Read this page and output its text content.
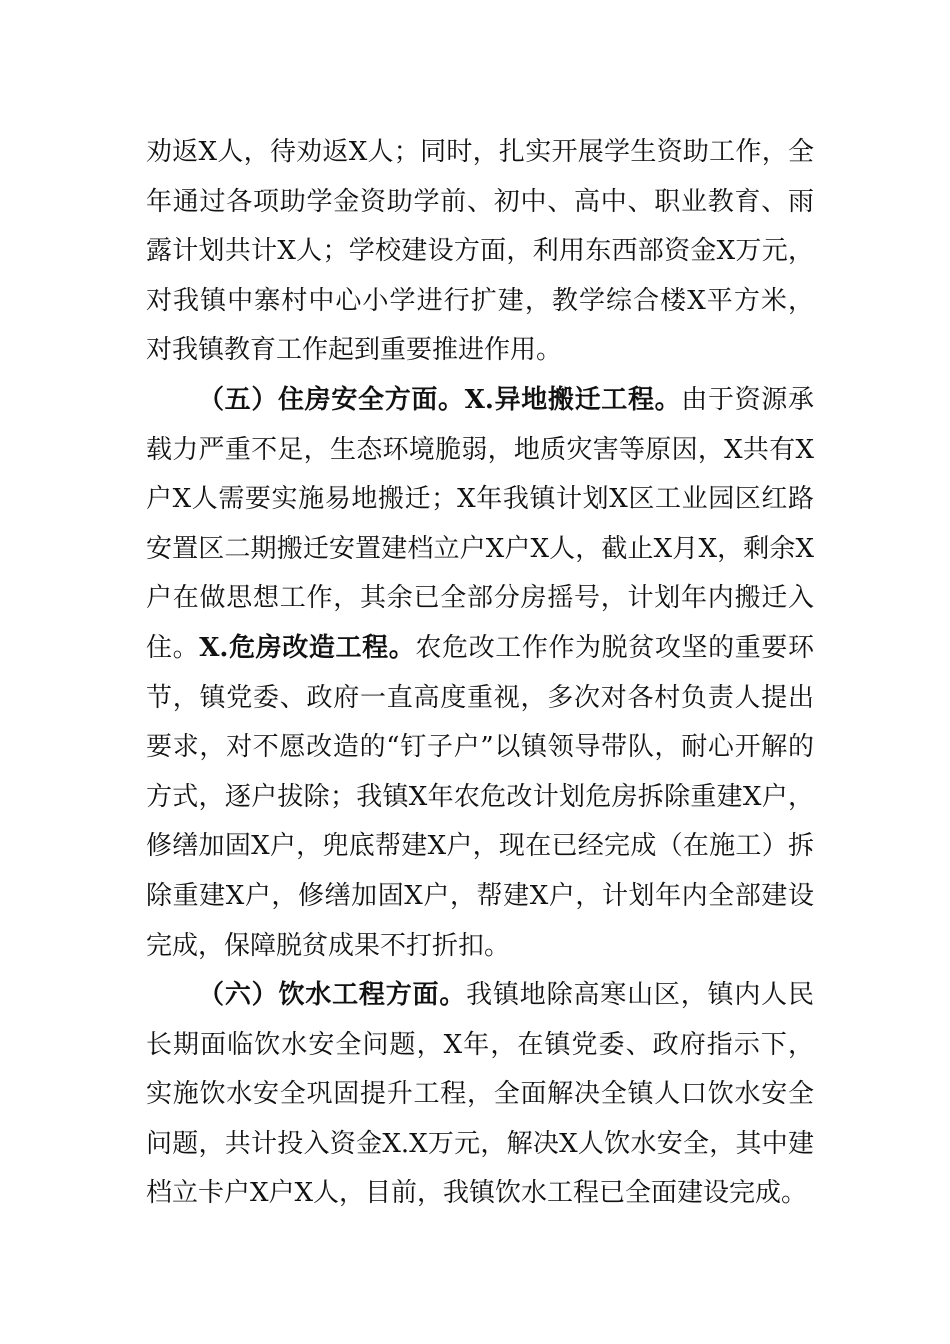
劝返X人，待劝返X人；同时，扎实开展学生资助工作，全年通过各项助学金资助学前、初中、高中、职业教育、雨露计划共计X人；学校建设方面，利用东西部资金X万元，对我镇中寨村中心小学进行扩建，教学综合楼X平方米，对我镇教育工作起到重要推进作用。

（五）住房安全方面。X.异地搬迁工程。由于资源承载力严重不足，生态环境脆弱，地质灾害等原因，X共有X户X人需要实施易地搬迁；X年我镇计划X区工业园区红路安置区二期搬迁安置建档立户X户X人，截止X月X，剩余X户在做思想工作，其余已全部分房摇号，计划年内搬迁入住。X.危房改造工程。农危改工作作为脱贫攻坚的重要环节，镇党委、政府一直高度重视，多次对各村负责人提出要求，对不愿改造的“钉子户”以镇领导带队，耐心开解的方式，逐户拔除；我镇X年农危改计划危房拆除重建X户，修缮加固X户，兜底帮建X户，现在已经完成（在施工）拆除重建X户，修缮加固X户，帮建X户，计划年内全部建设完成，保障脱贫成果不打折扣。

（六）饮水工程方面。我镇地除高寒山区，镇内人民长期面临饮水安全问题，X年，在镇党委、政府指示下，实施饮水安全巩固提升工程，全面解决全镇人口饮水安全问题，共计投入资金X.X万元，解决X人饮水安全，其中建档立卡户X户X人，目前，我镇饮水工程已全面建设完成。
